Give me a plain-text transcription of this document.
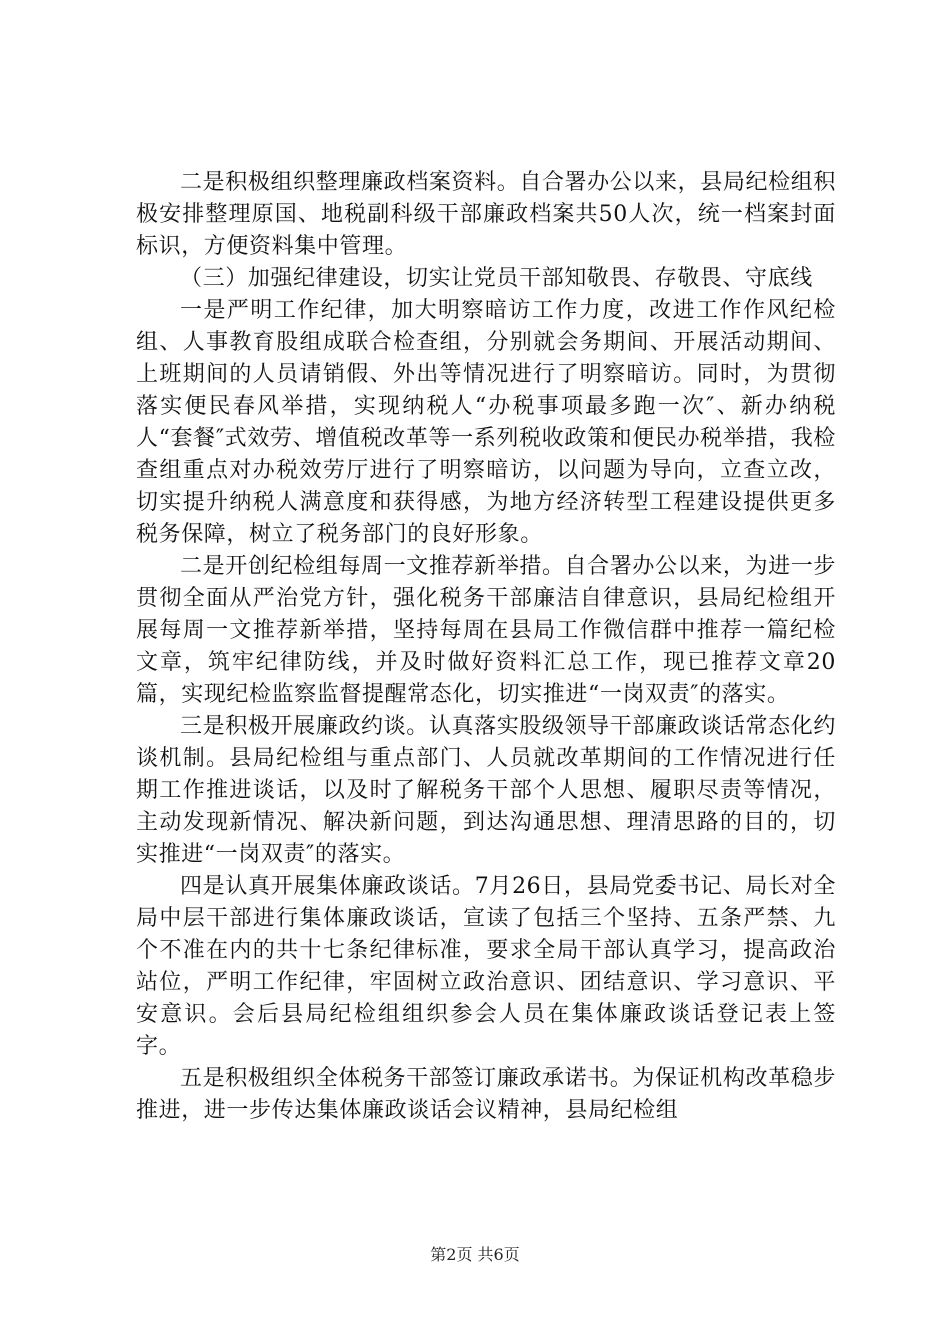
二是积极组织整理廉政档案资料。自合署办公以来，县局纪检组积极安排整理原国、地税副科级干部廉政档案共50人次，统一档案封面标识，方便资料集中管理。

（三）加强纪律建设，切实让党员干部知敬畏、存敬畏、守底线

一是严明工作纪律，加大明察暗访工作力度，改进工作作风纪检组、人事教育股组成联合检查组，分别就会务期间、开展活动期间、上班期间的人员请销假、外出等情况进行了明察暗访。同时，为贯彻落实便民春风举措，实现纳税人“办税事项最多跑一次″、新办纳税人“套餐″式效劳、增值税改革等一系列税收政策和便民办税举措，我检查组重点对办税效劳厅进行了明察暗访，以问题为导向，立查立改，切实提升纳税人满意度和获得感，为地方经济转型工程建设提供更多税务保障，树立了税务部门的良好形象。

二是开创纪检组每周一文推荐新举措。自合署办公以来，为进一步贯彻全面从严治党方针，强化税务干部廉洁自律意识，县局纪检组开展每周一文推荐新举措，坚持每周在县局工作微信群中推荐一篇纪检文章，筑牢纪律防线，并及时做好资料汇总工作，现已推荐文章20篇，实现纪检监察监督提醒常态化，切实推进“一岗双责″的落实。

三是积极开展廉政约谈。认真落实股级领导干部廉政谈话常态化约谈机制。县局纪检组与重点部门、人员就改革期间的工作情况进行任期工作推进谈话，以及时了解税务干部个人思想、履职尽责等情况，主动发现新情况、解决新问题，到达沟通思想、理清思路的目的，切实推进“一岗双责″的落实。

四是认真开展集体廉政谈话。7月26日，县局党委书记、局长对全局中层干部进行集体廉政谈话，宣读了包括三个坚持、五条严禁、九个不准在内的共十七条纪律标准，要求全局干部认真学习，提高政治站位，严明工作纪律，牢固树立政治意识、团结意识、学习意识、平安意识。会后县局纪检组组织参会人员在集体廉政谈话登记表上签字。

五是积极组织全体税务干部签订廉政承诺书。为保证机构改革稳步推进，进一步传达集体廉政谈话会议精神，县局纪检组

第2页 共6页
